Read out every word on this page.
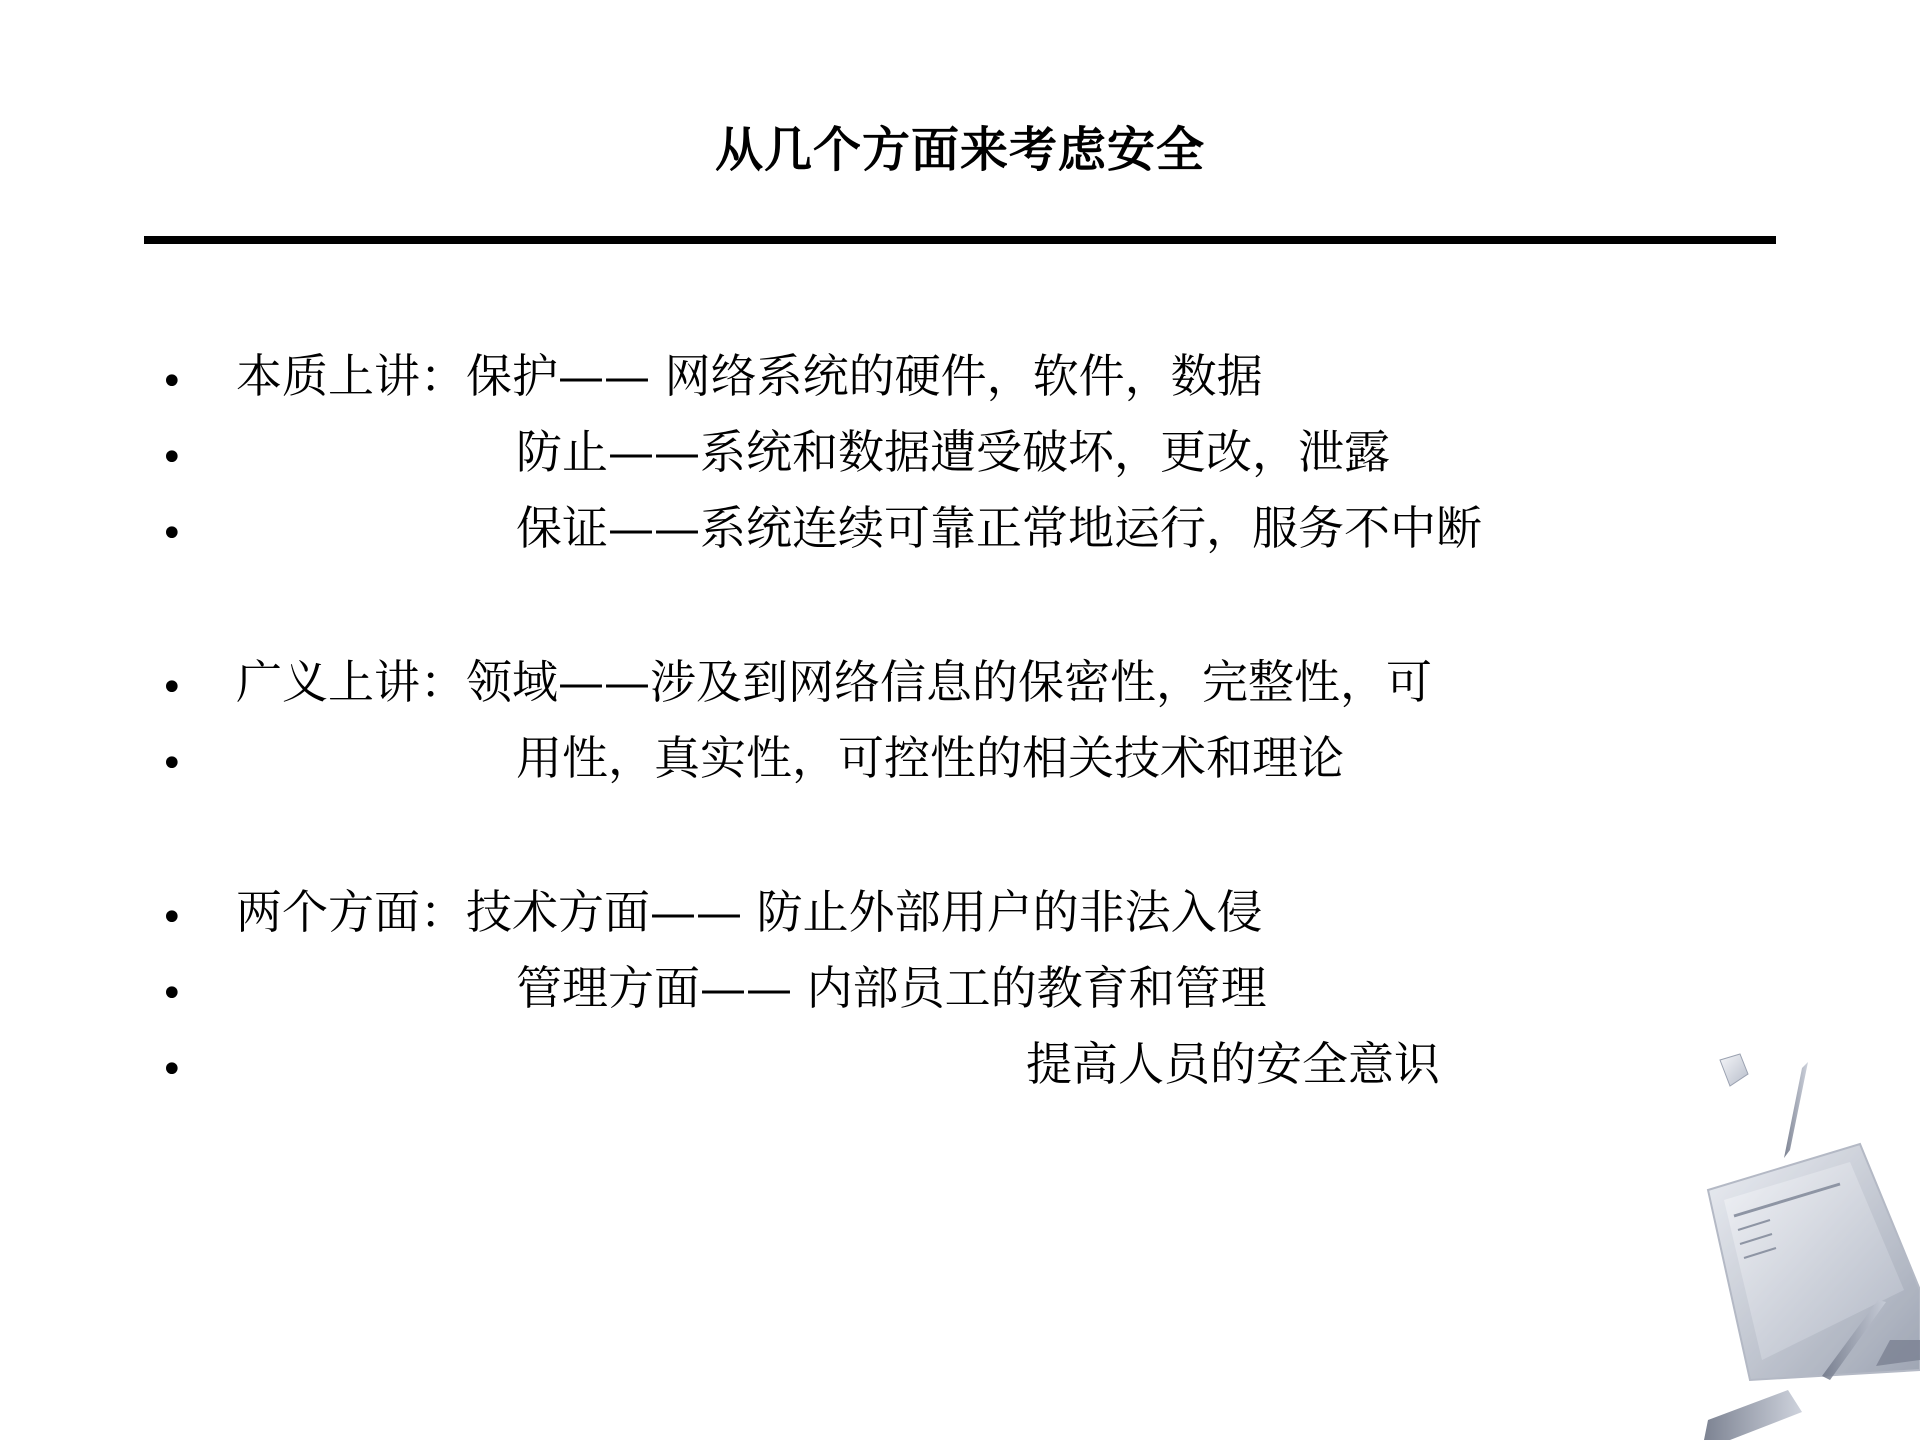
从几个方面来考虑安全
•
•
•
•
•
•
•
•
本质上讲：保护—— 网络系统的硬件，软件，数据
防止——系统和数据遭受破坏，更改，泄露
保证——系统连续可靠正常地运行，服务不中断
广义上讲：领域——涉及到网络信息的保密性，完整性，可
用性，真实性，可控性的相关技术和理论
两个方面：技术方面—— 防止外部用户的非法入侵
管理方面—— 内部员工的教育和管理
提高人员的安全意识
